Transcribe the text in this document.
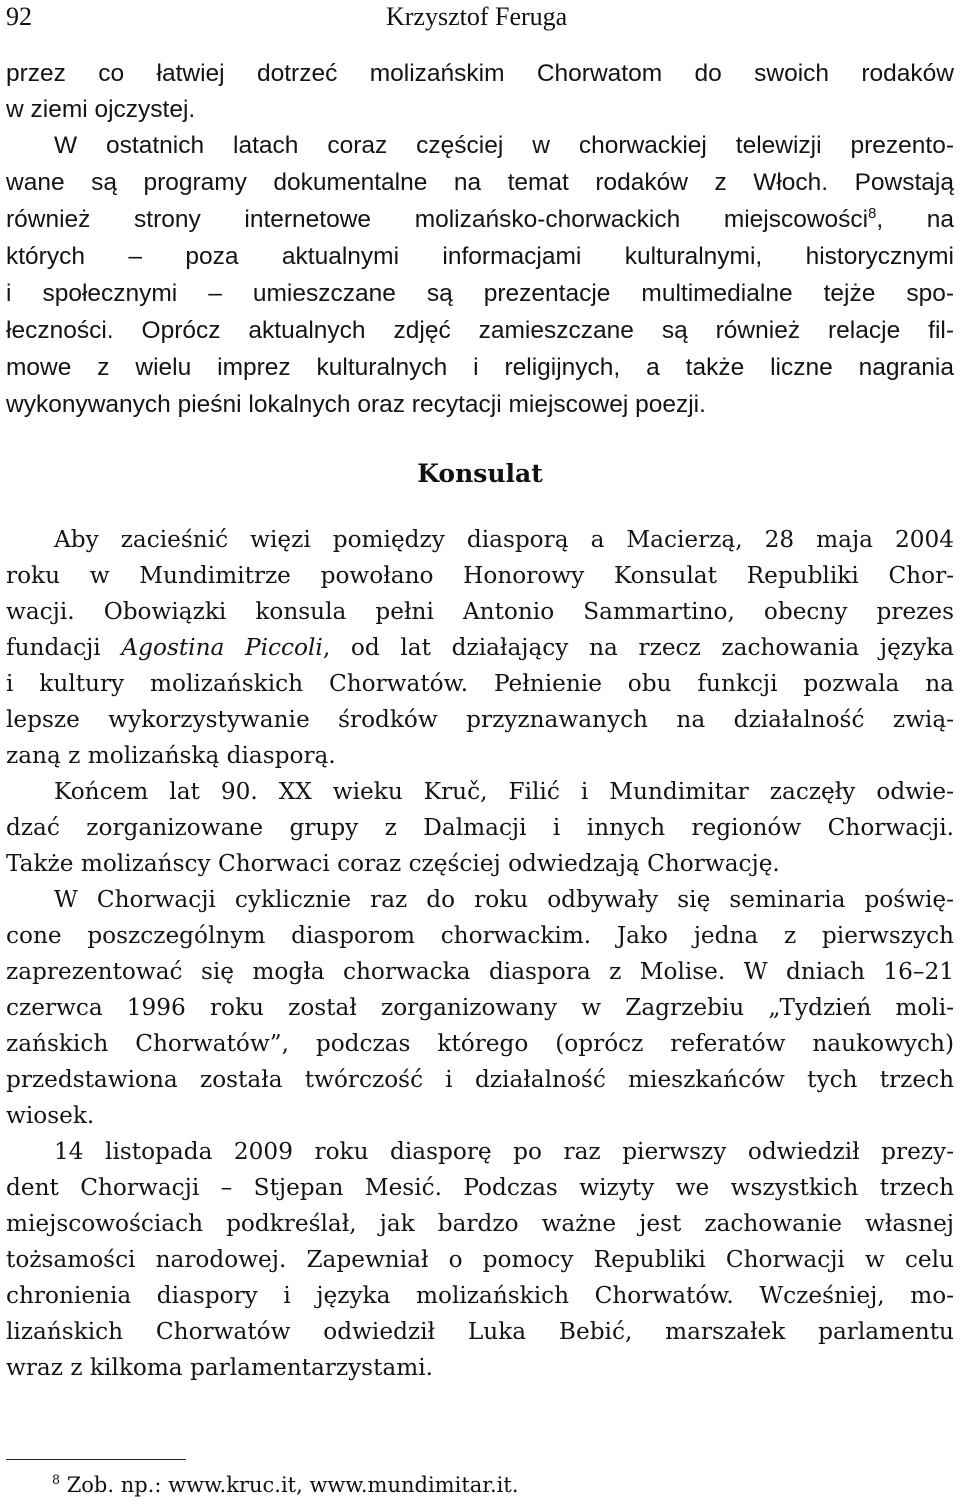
92	Krzysztof Feruga
przez co łatwiej dotrzeć molizańskim Chorwatom do swoich rodaków
w ziemi ojczystej.
W ostatnich latach coraz częściej w chorwackiej telewizji prezento-
wane są programy dokumentalne na temat rodaków z Włoch. Powstają
również strony internetowe molizańsko-chorwackich miejscowości$^8$, na
których – poza aktualnymi informacjami kulturalnymi, historycznymi
i społecznymi – umieszczane są prezentacje multimedialne tejże spo-
łeczności. Oprócz aktualnych zdjęć zamieszczane są również relacje fil-
mowe z wielu imprez kulturalnych i religijnych, a także liczne nagrania
wykonywanych pieśni lokalnych oraz recytacji miejscowej poezji.
Konsulat
Aby zacieśnić więzi pomiędzy diasporą a Macierzą, 28 maja 2004
roku w Mundimitrze powołano Honorowy Konsulat Republiki Chor-
wacji. Obowiązki konsula pełni Antonio Sammartino, obecny prezes
fundacji Agostina Piccoli, od lat działający na rzecz zachowania języka
i kultury molizańskich Chorwatów. Pełnienie obu funkcji pozwala na
lepsze wykorzystywanie środków przyznawanych na działalność zwią-
zaną z molizańską diasporą.
Końcem lat 90. XX wieku Kruč, Filić i Mundimitar zaczęły odwie-
dzać zorganizowane grupy z Dalmacji i innych regionów Chorwacji.
Także molizańscy Chorwaci coraz częściej odwiedzają Chorwację.
W Chorwacji cyklicznie raz do roku odbywały się seminaria poświę-
cone poszczególnym diasporom chorwackim. Jako jedna z pierwszych
zaprezentować się mogła chorwacka diaspora z Molise. W dniach 16–21
czerwca 1996 roku został zorganizowany w Zagrzebiu „Tydzień moli-
zańskich Chorwatów”, podczas którego (oprócz referatów naukowych)
przedstawiona została twórczość i działalność mieszkańców tych trzech
wiosek.
14 listopada 2009 roku diasporę po raz pierwszy odwiedził prezy-
dent Chorwacji – Stjepan Mesić. Podczas wizyty we wszystkich trzech
miejscowościach podkreślał, jak bardzo ważne jest zachowanie własnej
tożsamości narodowej. Zapewniał o pomocy Republiki Chorwacji w celu
chronienia diaspory i języka molizańskich Chorwatów. Wcześniej, mo-
lizańskich Chorwatów odwiedził Luka Bebić, marszałek parlamentu
wraz z kilkoma parlamentarzystami.
$^8$ Zob. np.: www.kruc.it, www.mundimitar.it.
